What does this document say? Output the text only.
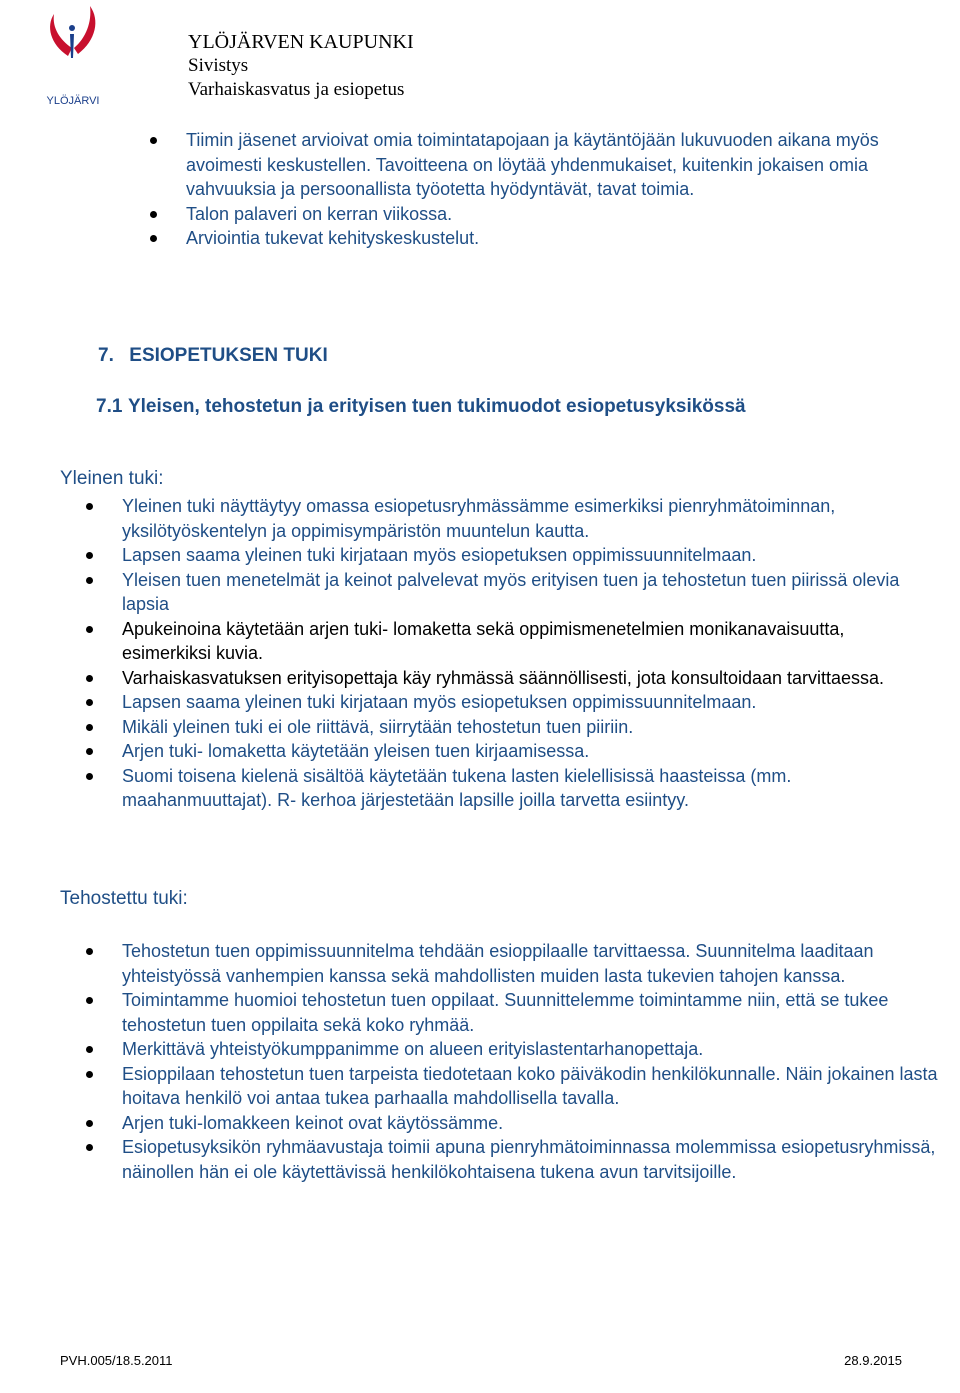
YLÖJÄRVI
YLÖJÄRVEN KAUPUNKI
Sivistys
Varhaiskasvatus ja esiopetus
Tiimin jäsenet arvioivat omia toimintatapojaan ja käytäntöjään lukuvuoden aikana myös avoimesti keskustellen. Tavoitteena on löytää yhdenmukaiset, kuitenkin jokaisen omia vahvuuksia ja persoonallista työotetta hyödyntävät, tavat toimia.
Talon palaveri on kerran viikossa.
Arviointia tukevat kehityskeskustelut.
7. ESIOPETUKSEN TUKI
7.1 Yleisen, tehostetun ja erityisen tuen tukimuodot esiopetusyksikössä
Yleinen tuki:
Yleinen tuki näyttäytyy omassa esiopetusryhmässämme esimerkiksi pienryhmätoiminnan, yksilötyöskentelyn ja oppimisympäristön muuntelun kautta.
Lapsen saama yleinen tuki kirjataan myös esiopetuksen oppimissuunnitelmaan.
Yleisen tuen menetelmät ja keinot palvelevat myös erityisen tuen ja tehostetun tuen piirissä olevia lapsia
Apukeinoina käytetään arjen tuki- lomaketta sekä oppimismenetelmien monikanavaisuutta, esimerkiksi kuvia.
Varhaiskasvatuksen erityisopettaja käy ryhmässä säännöllisesti, jota konsultoidaan tarvittaessa.
Lapsen saama yleinen tuki kirjataan myös esiopetuksen oppimissuunnitelmaan.
Mikäli yleinen tuki ei ole riittävä, siirrytään tehostetun tuen piiriin.
Arjen tuki- lomaketta käytetään yleisen tuen kirjaamisessa.
Suomi toisena kielenä sisältöä käytetään tukena lasten kielellisissä haasteissa (mm. maahanmuuttajat). R- kerhoa järjestetään lapsille joilla tarvetta esiintyy.
Tehostettu tuki:
Tehostetun tuen oppimissuunnitelma tehdään esioppilaalle tarvittaessa. Suunnitelma laaditaan yhteistyössä vanhempien kanssa sekä mahdollisten muiden lasta tukevien tahojen kanssa.
Toimintamme huomioi tehostetun tuen oppilaat. Suunnittelemme toimintamme niin, että se tukee tehostetun tuen oppilaita sekä koko ryhmää.
Merkittävä yhteistyökumppanimme on alueen erityislastentarhanopettaja.
Esioppilaan tehostetun tuen tarpeista tiedotetaan koko päiväkodin henkilökunnalle. Näin jokainen lasta hoitava henkilö voi antaa tukea parhaalla mahdollisella tavalla.
Arjen tuki-lomakkeen keinot ovat käytössämme.
Esiopetusyksikön ryhmäavustaja toimii apuna pienryhmätoiminnassa molemmissa esiopetusryhmissä, näinollen hän ei ole käytettävissä henkilökohtaisena tukena avun tarvitsijoille.
PVH.005/18.5.2011	28.9.2015
